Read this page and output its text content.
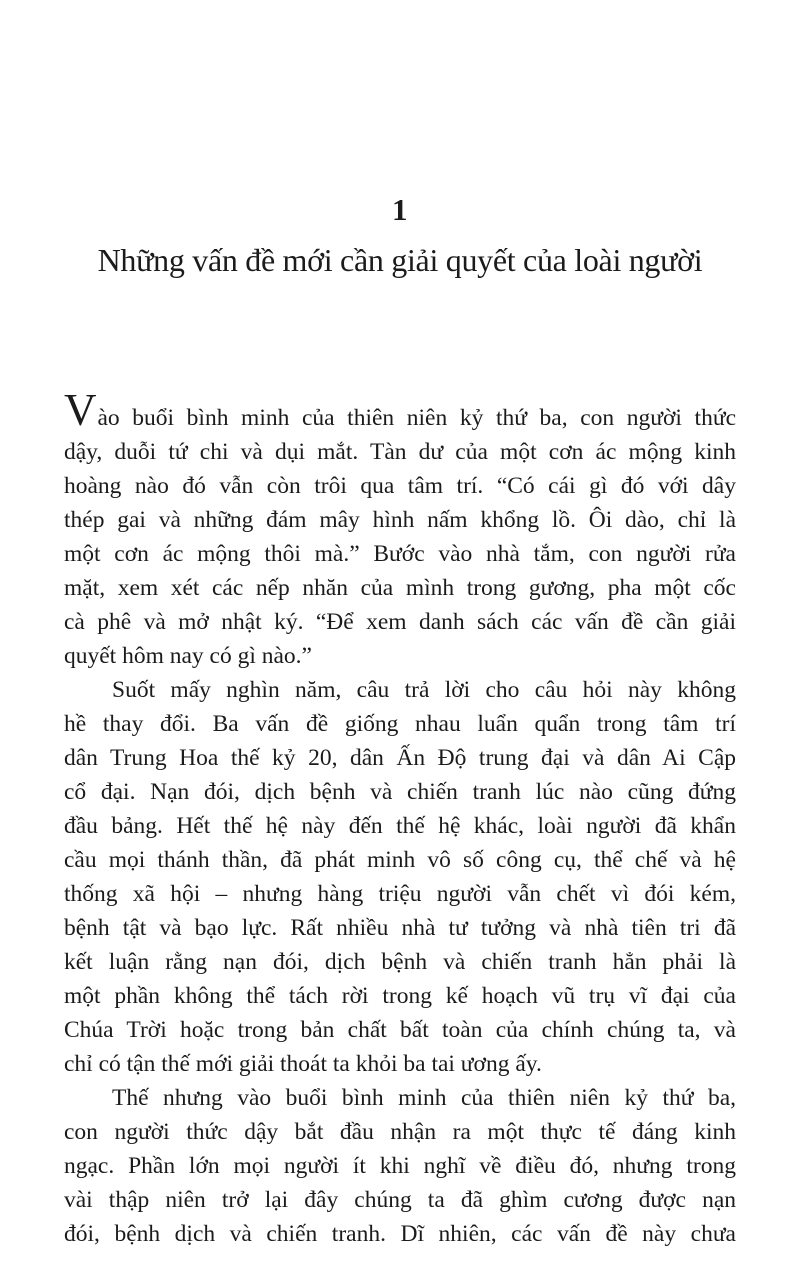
1
Những vấn đề mới cần giải quyết của loài người
Vào buổi bình minh của thiên niên kỷ thứ ba, con người thức
dậy, duỗi tứ chi và dụi mắt. Tàn dư của một cơn ác mộng kinh
hoàng nào đó vẫn còn trôi qua tâm trí. “Có cái gì đó với dây
thép gai và những đám mây hình nấm khổng lồ. Ôi dào, chỉ là
một cơn ác mộng thôi mà.” Bước vào nhà tắm, con người rửa
mặt, xem xét các nếp nhăn của mình trong gương, pha một cốc
cà phê và mở nhật ký. “Để xem danh sách các vấn đề cần giải
quyết hôm nay có gì nào.”
Suốt mấy nghìn năm, câu trả lời cho câu hỏi này không
hề thay đổi. Ba vấn đề giống nhau luẩn quẩn trong tâm trí
dân Trung Hoa thế kỷ 20, dân Ấn Độ trung đại và dân Ai Cập
cổ đại. Nạn đói, dịch bệnh và chiến tranh lúc nào cũng đứng
đầu bảng. Hết thế hệ này đến thế hệ khác, loài người đã khẩn
cầu mọi thánh thần, đã phát minh vô số công cụ, thể chế và hệ
thống xã hội – nhưng hàng triệu người vẫn chết vì đói kém,
bệnh tật và bạo lực. Rất nhiều nhà tư tưởng và nhà tiên tri đã
kết luận rằng nạn đói, dịch bệnh và chiến tranh hẳn phải là
một phần không thể tách rời trong kế hoạch vũ trụ vĩ đại của
Chúa Trời hoặc trong bản chất bất toàn của chính chúng ta, và
chỉ có tận thế mới giải thoát ta khỏi ba tai ương ấy.
Thế nhưng vào buổi bình minh của thiên niên kỷ thứ ba,
con người thức dậy bắt đầu nhận ra một thực tế đáng kinh
ngạc. Phần lớn mọi người ít khi nghĩ về điều đó, nhưng trong
vài thập niên trở lại đây chúng ta đã ghìm cương được nạn
đói, bệnh dịch và chiến tranh. Dĩ nhiên, các vấn đề này chưa
